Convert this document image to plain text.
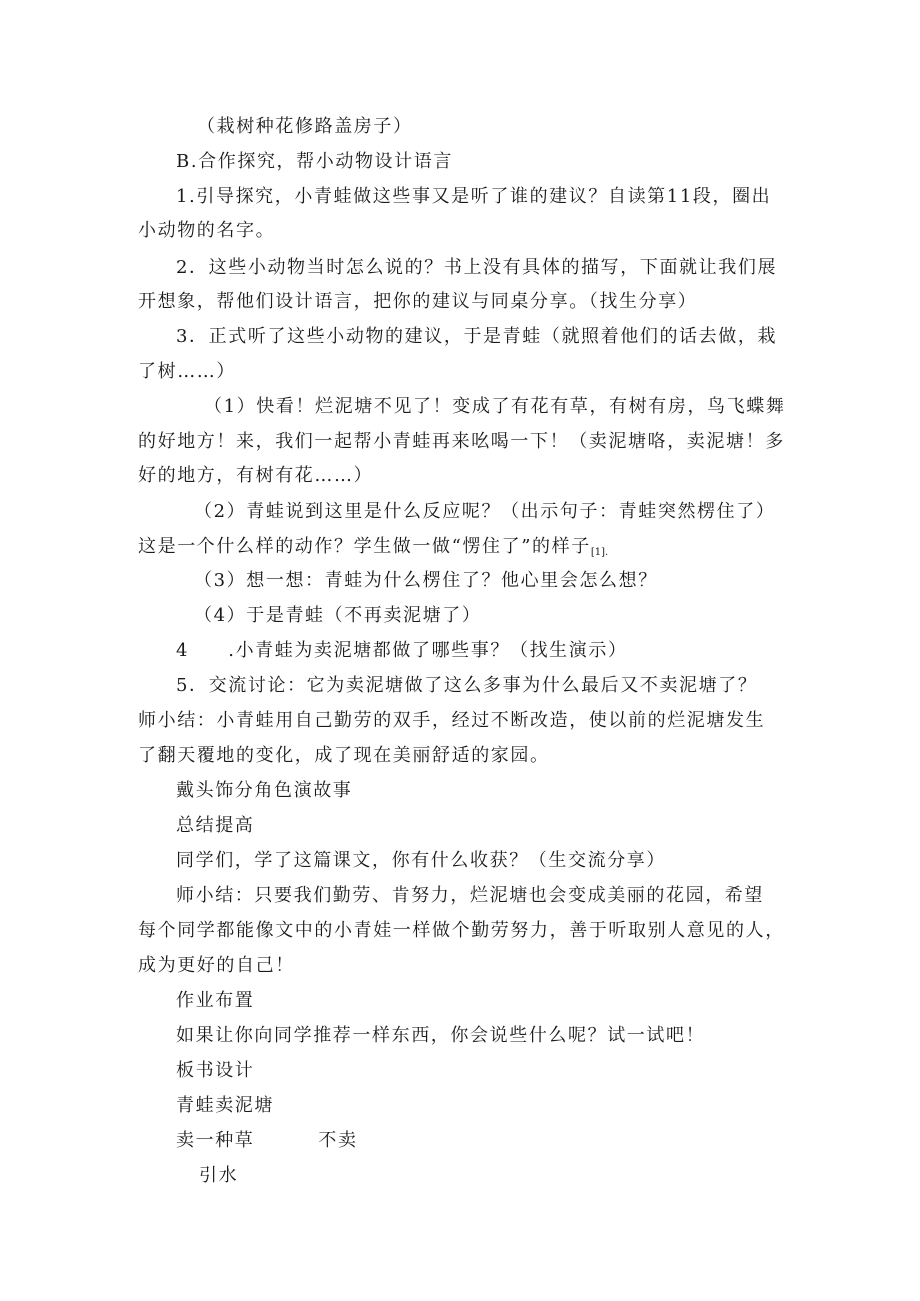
（栽树种花修路盖房子）
B.合作探究，帮小动物设计语言
1.引导探究，小青蛙做这些事又是听了谁的建议？自读第11段，圈出
小动物的名字。
2．这些小动物当时怎么说的？书上没有具体的描写，下面就让我们展
开想象，帮他们设计语言，把你的建议与同桌分享。（找生分享）
3．正式听了这些小动物的建议，于是青蛙（就照着他们的话去做，栽
了树……）
（1）快看！烂泥塘不见了！变成了有花有草，有树有房，鸟飞蝶舞
的好地方！来，我们一起帮小青蛙再来吆喝一下！（卖泥塘咯，卖泥塘！多
好的地方，有树有花……）
（2）青蛙说到这里是什么反应呢？（出示句子：青蛙突然楞住了）
这是一个什么样的动作？学生做一做“愣住了”的样子$_{[1].}$
（3）想一想：青蛙为什么楞住了？他心里会怎么想？
（4）于是青蛙（不再卖泥塘了）
4　　.小青蛙为卖泥塘都做了哪些事？（找生演示）
5．交流讨论：它为卖泥塘做了这么多事为什么最后又不卖泥塘了？
师小结：小青蛙用自己勤劳的双手，经过不断改造，使以前的烂泥塘发生
了翻天覆地的变化，成了现在美丽舒适的家园。
戴头饰分角色演故事
总结提高
同学们，学了这篇课文，你有什么收获？（生交流分享）
师小结：只要我们勤劳、肯努力，烂泥塘也会变成美丽的花园，希望
每个同学都能像文中的小青娃一样做个勤劳努力，善于听取别人意见的人，
成为更好的自己！
作业布置
如果让你向同学推荐一样东西，你会说些什么呢？试一试吧！
板书设计
青蛙卖泥塘
卖一种草	不卖
引水
